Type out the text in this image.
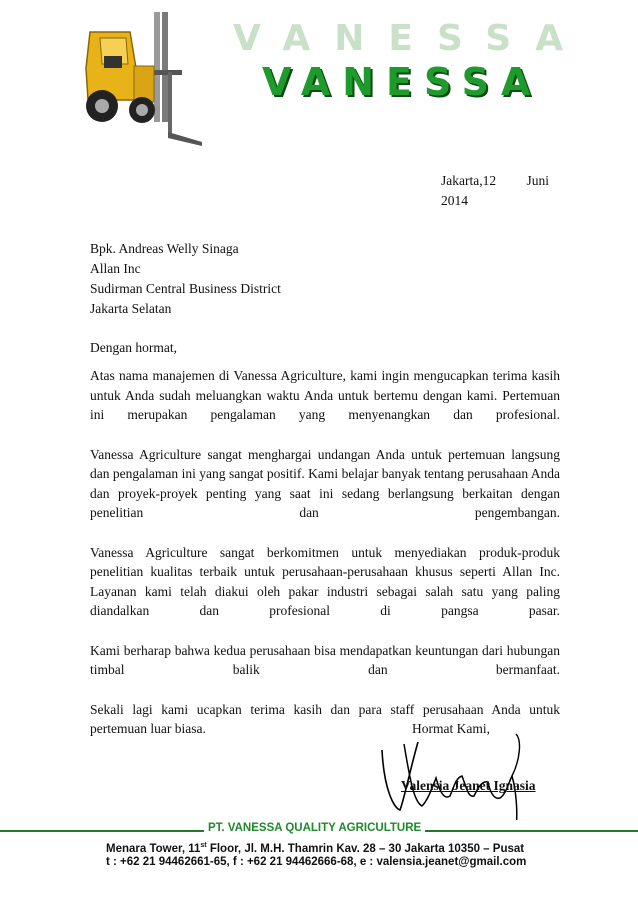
VANESSA
VANESSA
Jakarta,12 Juni
2014
Bpk. Andreas Welly Sinaga
Allan Inc
Sudirman Central Business District
Jakarta Selatan
Dengan hormat,

Atas nama manajemen di Vanessa Agriculture, kami ingin mengucapkan terima kasih untuk Anda sudah meluangkan waktu Anda untuk bertemu dengan kami. Pertemuan ini merupakan pengalaman yang menyenangkan dan profesional.

Vanessa Agriculture sangat menghargai undangan Anda untuk pertemuan langsung dan pengalaman ini yang sangat positif. Kami belajar banyak tentang perusahaan Anda dan proyek-proyek penting yang saat ini sedang berlangsung berkaitan dengan penelitian dan pengembangan.

Vanessa Agriculture sangat berkomitmen untuk menyediakan produk-produk penelitian kualitas terbaik untuk perusahaan-perusahaan khusus seperti Allan Inc. Layanan kami telah diakui oleh pakar industri sebagai salah satu yang paling diandalkan dan profesional di pangsa pasar.

Kami berharap bahwa kedua perusahaan bisa mendapatkan keuntungan dari hubungan timbal balik dan bermanfaat.

Sekali lagi kami ucapkan terima kasih dan para staff perusahaan Anda untuk pertemuan luar biasa.	Hormat Kami,
Valensia Jeanet Ignasia
PT. VANESSA QUALITY AGRICULTURE
Menara Tower, 11st Floor, Jl. M.H. Thamrin Kav. 28 – 30 Jakarta 10350 – Pusat
t : +62 21 94462661-65, f : +62 21 94462666-68, e : valensia.jeanet@gmail.com
